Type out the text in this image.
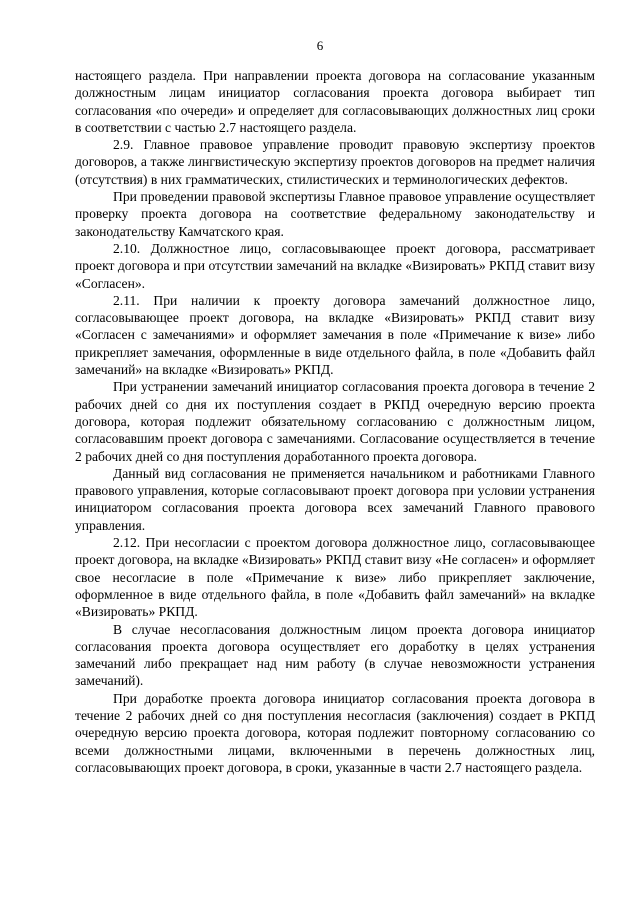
6

настоящего раздела. При направлении проекта договора на согласование указанным должностным лицам инициатор согласования проекта договора выбирает тип согласования «по очереди» и определяет для согласовывающих должностных лиц сроки в соответствии с частью 2.7 настоящего раздела.

2.9. Главное правовое управление проводит правовую экспертизу проектов договоров, а также лингвистическую экспертизу проектов договоров на предмет наличия (отсутствия) в них грамматических, стилистических и терминологических дефектов.

При проведении правовой экспертизы Главное правовое управление осуществляет проверку проекта договора на соответствие федеральному законодательству и законодательству Камчатского края.

2.10. Должностное лицо, согласовывающее проект договора, рассматривает проект договора и при отсутствии замечаний на вкладке «Визировать» РКПД ставит визу «Согласен».

2.11. При наличии к проекту договора замечаний должностное лицо, согласовывающее проект договора, на вкладке «Визировать» РКПД ставит визу «Согласен с замечаниями» и оформляет замечания в поле «Примечание к визе» либо прикрепляет замечания, оформленные в виде отдельного файла, в поле «Добавить файл замечаний» на вкладке «Визировать» РКПД.

При устранении замечаний инициатор согласования проекта договора в течение 2 рабочих дней со дня их поступления создает в РКПД очередную версию проекта договора, которая подлежит обязательному согласованию с должностным лицом, согласовавшим проект договора с замечаниями. Согласование осуществляется в течение 2 рабочих дней со дня поступления доработанного проекта договора.

Данный вид согласования не применяется начальником и работниками Главного правового управления, которые согласовывают проект договора при условии устранения инициатором согласования проекта договора всех замечаний Главного правового управления.

2.12. При несогласии с проектом договора должностное лицо, согласовывающее проект договора, на вкладке «Визировать» РКПД ставит визу «Не согласен» и оформляет свое несогласие в поле «Примечание к визе» либо прикрепляет заключение, оформленное в виде отдельного файла, в поле «Добавить файл замечаний» на вкладке «Визировать» РКПД.

В случае несогласования должностным лицом проекта договора инициатор согласования проекта договора осуществляет его доработку в целях устранения замечаний либо прекращает над ним работу (в случае невозможности устранения замечаний).

При доработке проекта договора инициатор согласования проекта договора в течение 2 рабочих дней со дня поступления несогласия (заключения) создает в РКПД очередную версию проекта договора, которая подлежит повторному согласованию со всеми должностными лицами, включенными в перечень должностных лиц, согласовывающих проект договора, в сроки, указанные в части 2.7 настоящего раздела.
